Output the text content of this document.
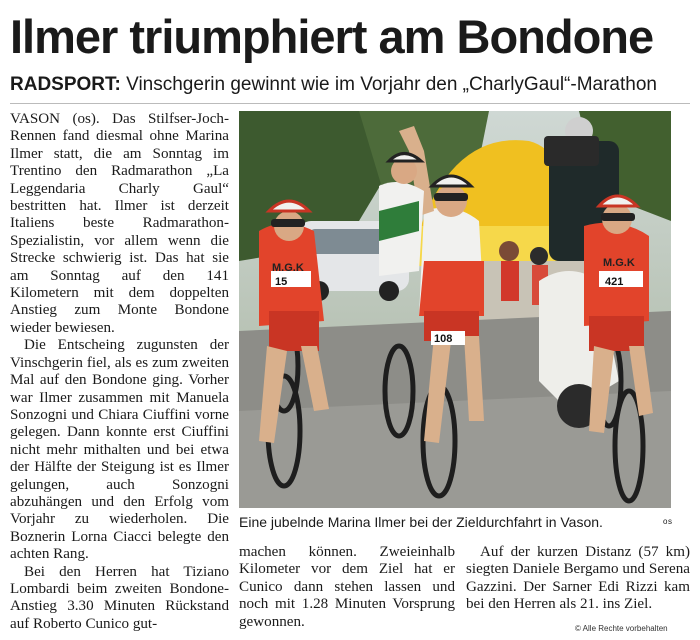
Ilmer triumphiert am Bondone
RADSPORT: Vinschgerin gewinnt wie im Vorjahr den „CharlyGaul“-Marathon

VASON (os). Das Stilfser-Joch-Rennen fand diesmal ohne Marina Ilmer statt, die am Sonntag im Trentino den Radmarathon „La Leggendaria Charly Gaul“ bestritten hat. Ilmer ist derzeit Italiens beste Radmarathon-Spezialistin, vor allem wenn die Strecke schwierig ist. Das hat sie am Sonntag auf den 141 Kilometern mit dem doppelten Anstieg zum Monte Bondone wieder bewiesen.

Die Entscheing zugunsten der Vinschgerin fiel, als es zum zweiten Mal auf den Bondone ging. Vorher war Ilmer zusammen mit Manuela Sonzogni und Chiara Ciuffini vorne gelegen. Dann konnte erst Ciuffini nicht mehr mithalten und bei etwa der Hälfte der Steigung ist es Ilmer gelungen, auch Sonzogni abzuhängen und den Erfolg vom Vorjahr zu wiederholen. Die Boznerin Lorna Ciacci belegte den achten Rang.

Bei den Herren hat Tiziano Lombardi beim zweiten Bondone-Anstieg 3.30 Minuten Rückstand auf Roberto Cunico gut-

M.G.K	M.G.K
15
108
421
Eine jubelnde Marina Ilmer bei der Zieldurchfahrt in Vason.	os

machen können. Zweieinhalb Kilometer vor dem Ziel hat er Cunico dann stehen lassen und noch mit 1.28 Minuten Vorsprung gewonnen.

Auf der kurzen Distanz (57 km) siegten Daniele Bergamo und Serena Gazzini. Der Sarner Edi Rizzi kam bei den Herren als 21. ins Ziel.

© Alle Rechte vorbehalten
